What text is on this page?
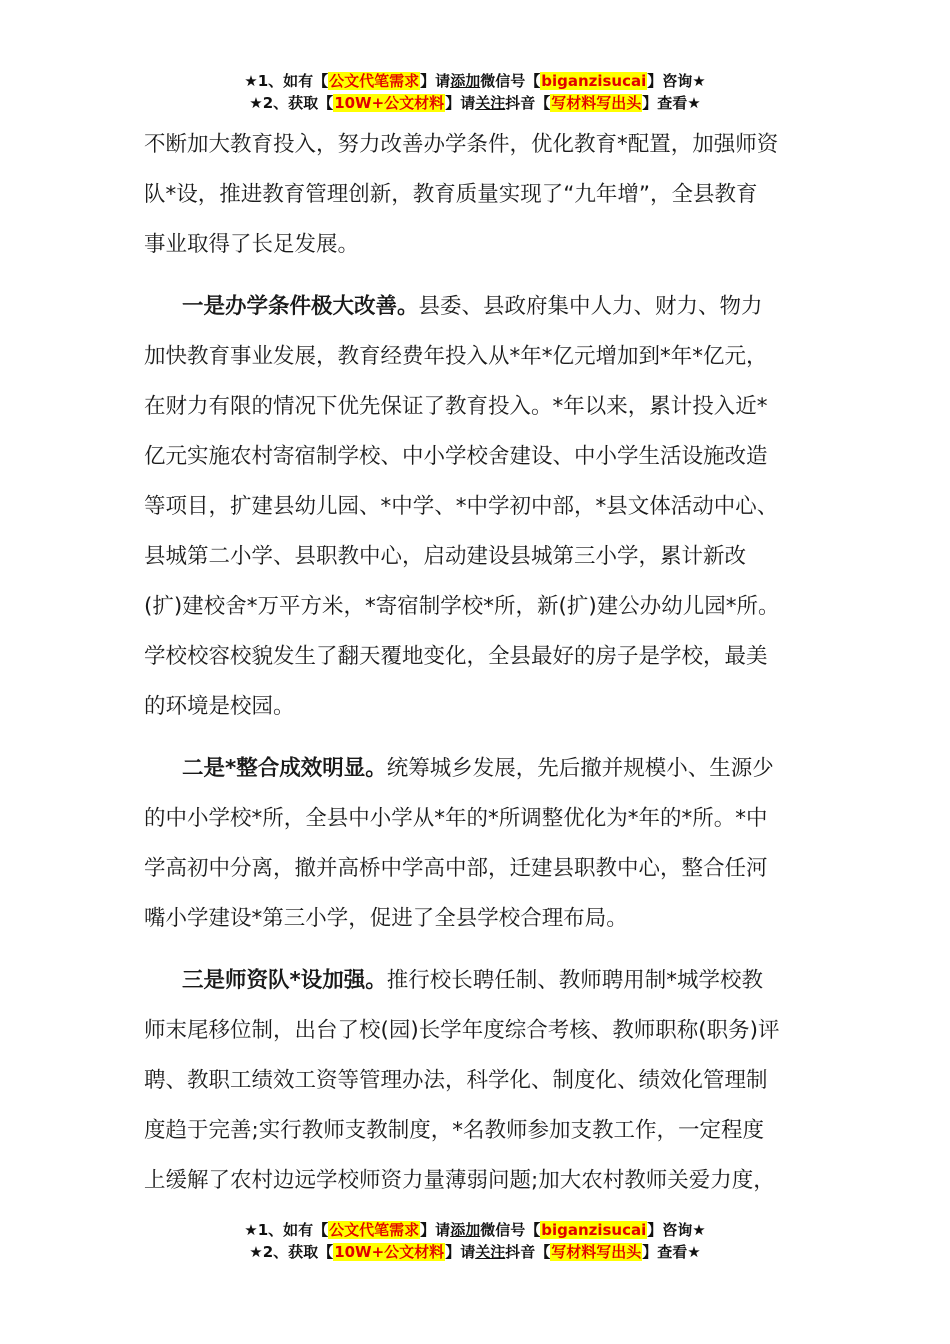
★1、如有【公文代笔需求】请添加微信号【biganzisucai】咨询★
★2、获取【10W+公文材料】请关注抖音【写材料写出头】查看★

不断加大教育投入，努力改善办学条件，优化教育*配置，加强师资
队*设，推进教育管理创新，教育质量实现了“九年增”，全县教育
事业取得了长足发展。

一是办学条件极大改善。县委、县政府集中人力、财力、物力
加快教育事业发展，教育经费年投入从*年*亿元增加到*年*亿元，
在财力有限的情况下优先保证了教育投入。*年以来，累计投入近*
亿元实施农村寄宿制学校、中小学校舍建设、中小学生活设施改造
等项目，扩建县幼儿园、*中学、*中学初中部，*县文体活动中心、
县城第二小学、县职教中心，启动建设县城第三小学，累计新改
(扩)建校舍*万平方米，*寄宿制学校*所，新(扩)建公办幼儿园*所。
学校校容校貌发生了翻天覆地变化，全县最好的房子是学校，最美
的环境是校园。

二是*整合成效明显。统筹城乡发展，先后撤并规模小、生源少
的中小学校*所，全县中小学从*年的*所调整优化为*年的*所。*中
学高初中分离，撤并高桥中学高中部，迁建县职教中心，整合任河
嘴小学建设*第三小学，促进了全县学校合理布局。

三是师资队*设加强。推行校长聘任制、教师聘用制*城学校教
师末尾移位制，出台了校(园)长学年度综合考核、教师职称(职务)评
聘、教职工绩效工资等管理办法，科学化、制度化、绩效化管理制
度趋于完善;实行教师支教制度，*名教师参加支教工作，一定程度
上缓解了农村边远学校师资力量薄弱问题;加大农村教师关爱力度，

★1、如有【公文代笔需求】请添加微信号【biganzisucai】咨询★
★2、获取【10W+公文材料】请关注抖音【写材料写出头】查看★
